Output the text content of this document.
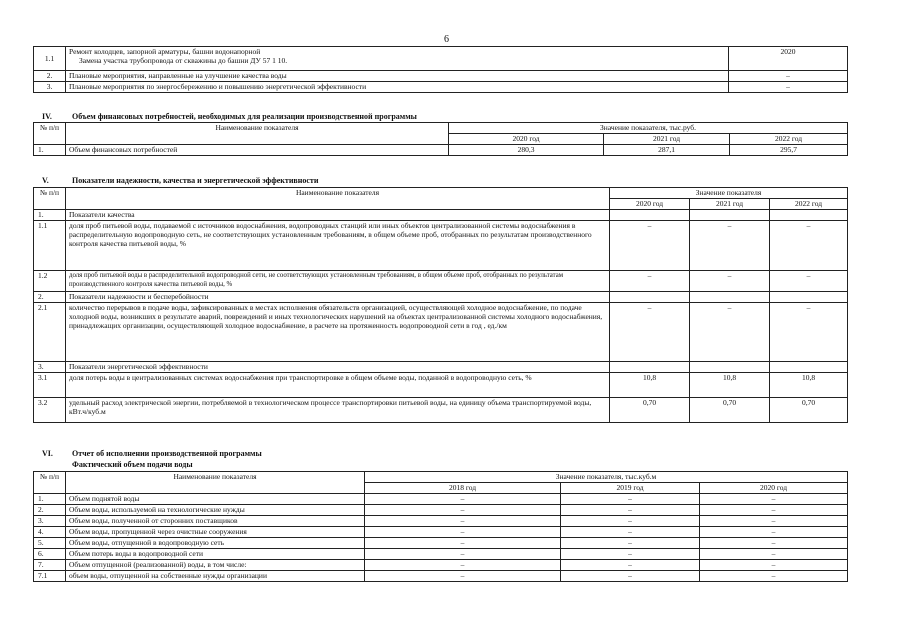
6
1.1	Ремонт колодцев, запорной арматуры, башни водонапорной
Замена участка трубопровода от скважины до башни ДУ 57 1 10.	2020
2.	Плановые мероприятия, направленные на улучшение качества воды	–
3.	Плановые мероприятия по энергосбережению и повышению энергетической эффективности	–
IV.	Объем финансовых потребностей, необходимых для реализации производственной программы
№ п/п	Наименование показателя	Значение показателя, тыс.руб.		
		2020 год	2021 год	2022 год
1.	Объем финансовых потребностей	280,3	287,1	295,7
V.	Показатели надежности, качества и энергетической эффективности
№ п/п	Наименование показателя	Значение показателя		
		2020 год	2021 год	2022 год
1.	Показатели качества			
1.1	доля проб питьевой воды, подаваемой с источников водоснабжения, водопроводных станций или иных объектов централизованной системы водоснабжения в распределительную водопроводную сеть, не соответствующих установленным требованиям, в общем объеме проб, отобранных по результатам производственного контроля качества питьевой воды, %	–	–	–
1.2	доля проб питьевой воды в распределительной водопроводной сети, не соответствующих установленным требованиям, в общем объеме проб, отобранных по результатам производственного контроля качества питьевой воды, %	–	–	–
2.	Показатели надежности и бесперебойности			
2.1	количество перерывов в подаче воды, зафиксированных в местах исполнения обязательств организацией, осуществляющей холодное водоснабжение, по подаче холодной воды, возникших в результате аварий, повреждений и иных технологических нарушений на объектах централизованной системы холодного водоснабжения, принадлежащих организации, осуществляющей холодное водоснабжение, в расчете на протяженность водопроводной сети в год , ед./км	–	–	–
3.	Показатели энергетической эффективности			
3.1	доля потерь воды в централизованных системах водоснабжения при транспортировке в общем объеме воды, поданной в водопроводную сеть, %	10,8	10,8	10,8
3.2	удельный расход электрической энергии, потребляемой в технологическом процессе транспортировки питьевой воды, на единицу объема транспортируемой воды, кВт.ч/куб.м	0,70	0,70	0,70
VI. Отчет об исполнении производственной программы
Фактический объем подачи воды
№ п/п	Наименование показателя	Значение показателя, тыс.куб.м		
		2018 год	2019 год	2020 год
1.	Объем поднятой воды	–	–	–
2.	Объем воды, используемой на технологические нужды	–	–	–
3.	Объем воды, полученной от сторонних поставщиков	–	–	–
4.	Объем воды, пропущенной через очистные сооружения	–	–	–
5.	Объем воды, отпущенной в водопроводную сеть	–	–	–
6.	Объем потерь воды в водопроводной сети	–	–	–
7.	Объем отпущенной (реализованной) воды, в том числе:	–	–	–
7.1	объем воды, отпущенной на собственные нужды организации	–	–	–
